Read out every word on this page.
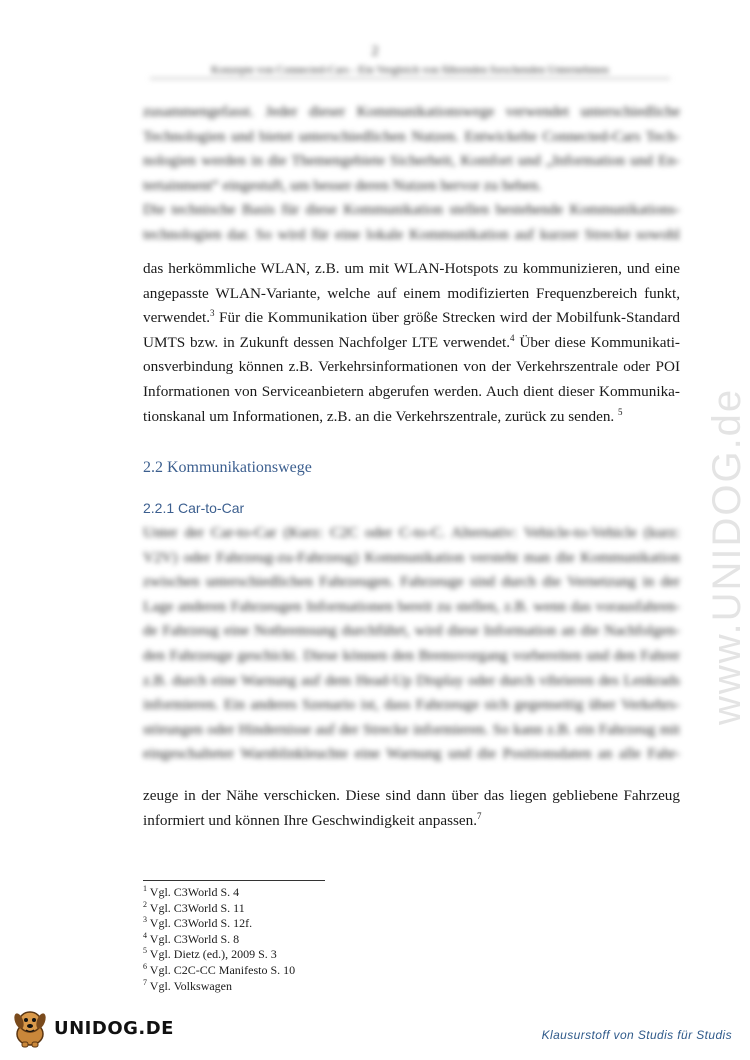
2
Konzepte von Connected-Cars - Ein Vergleich von führenden forschenden Unternehmen
zusammengefasst. Jeder dieser Kommunikationswege verwendet unterschiedliche
Technologien und bietet unterschiedlichen Nutzen. Entwickelte Connected-Cars Tech-
nologien werden in die Themengebiete Sicherheit, Komfort und „Information und En-
tertainment“ eingestuft, um besser deren Nutzen hervor zu heben.
Die technische Basis für diese Kommunikation stellen bestehende Kommunikations-
technologien dar. So wird für eine lokale Kommunikation auf kurzer Strecke sowohl
das herkömmliche WLAN, z.B. um mit WLAN-Hotspots zu kommunizieren, und eine
angepasste WLAN-Variante, welche auf einem modifizierten Frequenzbereich funkt,
verwendet.$^3$ Für die Kommunikation über größe Strecken wird der Mobilfunk-Standard
UMTS bzw. in Zukunft dessen Nachfolger LTE verwendet.$^4$ Über diese Kommunikati-
onsverbindung können z.B. Verkehrsinformationen von der Verkehrszentrale oder POI
Informationen von Serviceanbietern abgerufen werden. Auch dient dieser Kommunika-
tionskanal um Informationen, z.B. an die Verkehrszentrale, zurück zu senden. $^5$
2.2 Kommunikationswege
2.2.1 Car-to-Car
Unter der Car-to-Car (Kurz: C2C oder C-to-C. Alternativ: Vehicle-to-Vehicle (kurz:
V2V) oder Fahrzeug-zu-Fahrzeug) Kommunikation versteht man die Kommunikation
zwischen unterschiedlichen Fahrzeugen. Fahrzeuge sind durch die Vernetzung in der
Lage anderen Fahrzeugen Informationen bereit zu stellen, z.B. wenn das vorausfahren-
de Fahrzeug eine Notbremsung durchführt, wird diese Information an die Nachfolgen-
den Fahrzeuge geschickt. Diese können den Bremsvorgang vorbereiten und den Fahrer
z.B. durch eine Warnung auf dem Head-Up Display oder durch vibrieren des Lenkrads
informieren. Ein anderes Szenario ist, dass Fahrzeuge sich gegenseitig über Verkehrs-
störungen oder Hindernisse auf der Strecke informieren. So kann z.B. ein Fahrzeug mit
eingeschalteter Warnblinkleuchte eine Warnung und die Positionsdaten an alle Fahr-
zeuge in der Nähe verschicken. Diese sind dann über das liegen gebliebene Fahrzeug
informiert und können Ihre Geschwindigkeit anpassen.$^7$
$^1$ Vgl. C3World S. 4
$^2$ Vgl. C3World S. 11
$^3$ Vgl. C3World S. 12f.
$^4$ Vgl. C3World S. 8
$^5$ Vgl. Dietz (ed.), 2009 S. 3
$^6$ Vgl. C2C-CC Manifesto S. 10
$^7$ Vgl. Volkswagen
www.UNIDOG.de
UNIDOG.DE	Klausurstoff von Studis für Studis
